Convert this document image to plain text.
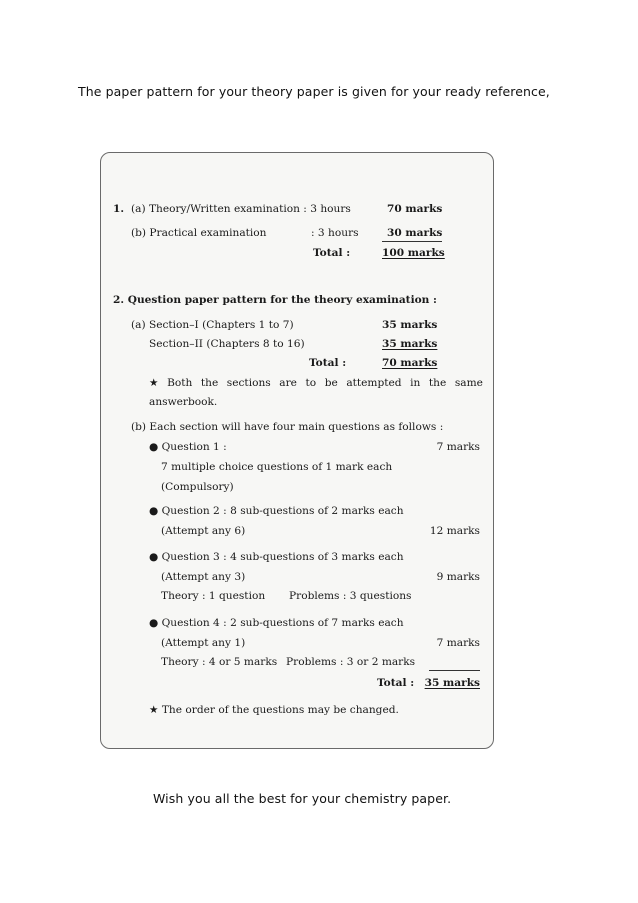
The paper pattern for your theory paper is given for your ready reference,
1. (a) Theory/Written examination : 3 hours	70 marks
(b) Practical examination	: 3 hours	30 marks
Total :	100 marks
2. Question paper pattern for the theory examination :
(a) Section–I (Chapters 1 to 7)	35 marks
Section–II (Chapters 8 to 16)	35 marks
Total :	70 marks
★ Both the sections are to be attempted in the same
answerbook.
(b) Each section will have four main questions as follows :
● Question 1 :	7 marks
7 multiple choice questions of 1 mark each
(Compulsory)
● Question 2 : 8 sub-questions of 2 marks each
(Attempt any 6)	12 marks
● Question 3 : 4 sub-questions of 3 marks each
(Attempt any 3)	9 marks
Theory : 1 question Problems : 3 questions
● Question 4 : 2 sub-questions of 7 marks each
(Attempt any 1)	7 marks
Theory : 4 or 5 marks Problems : 3 or 2 marks
Total : 35 marks
★ The order of the questions may be changed.
Wish you all the best for your chemistry paper.
